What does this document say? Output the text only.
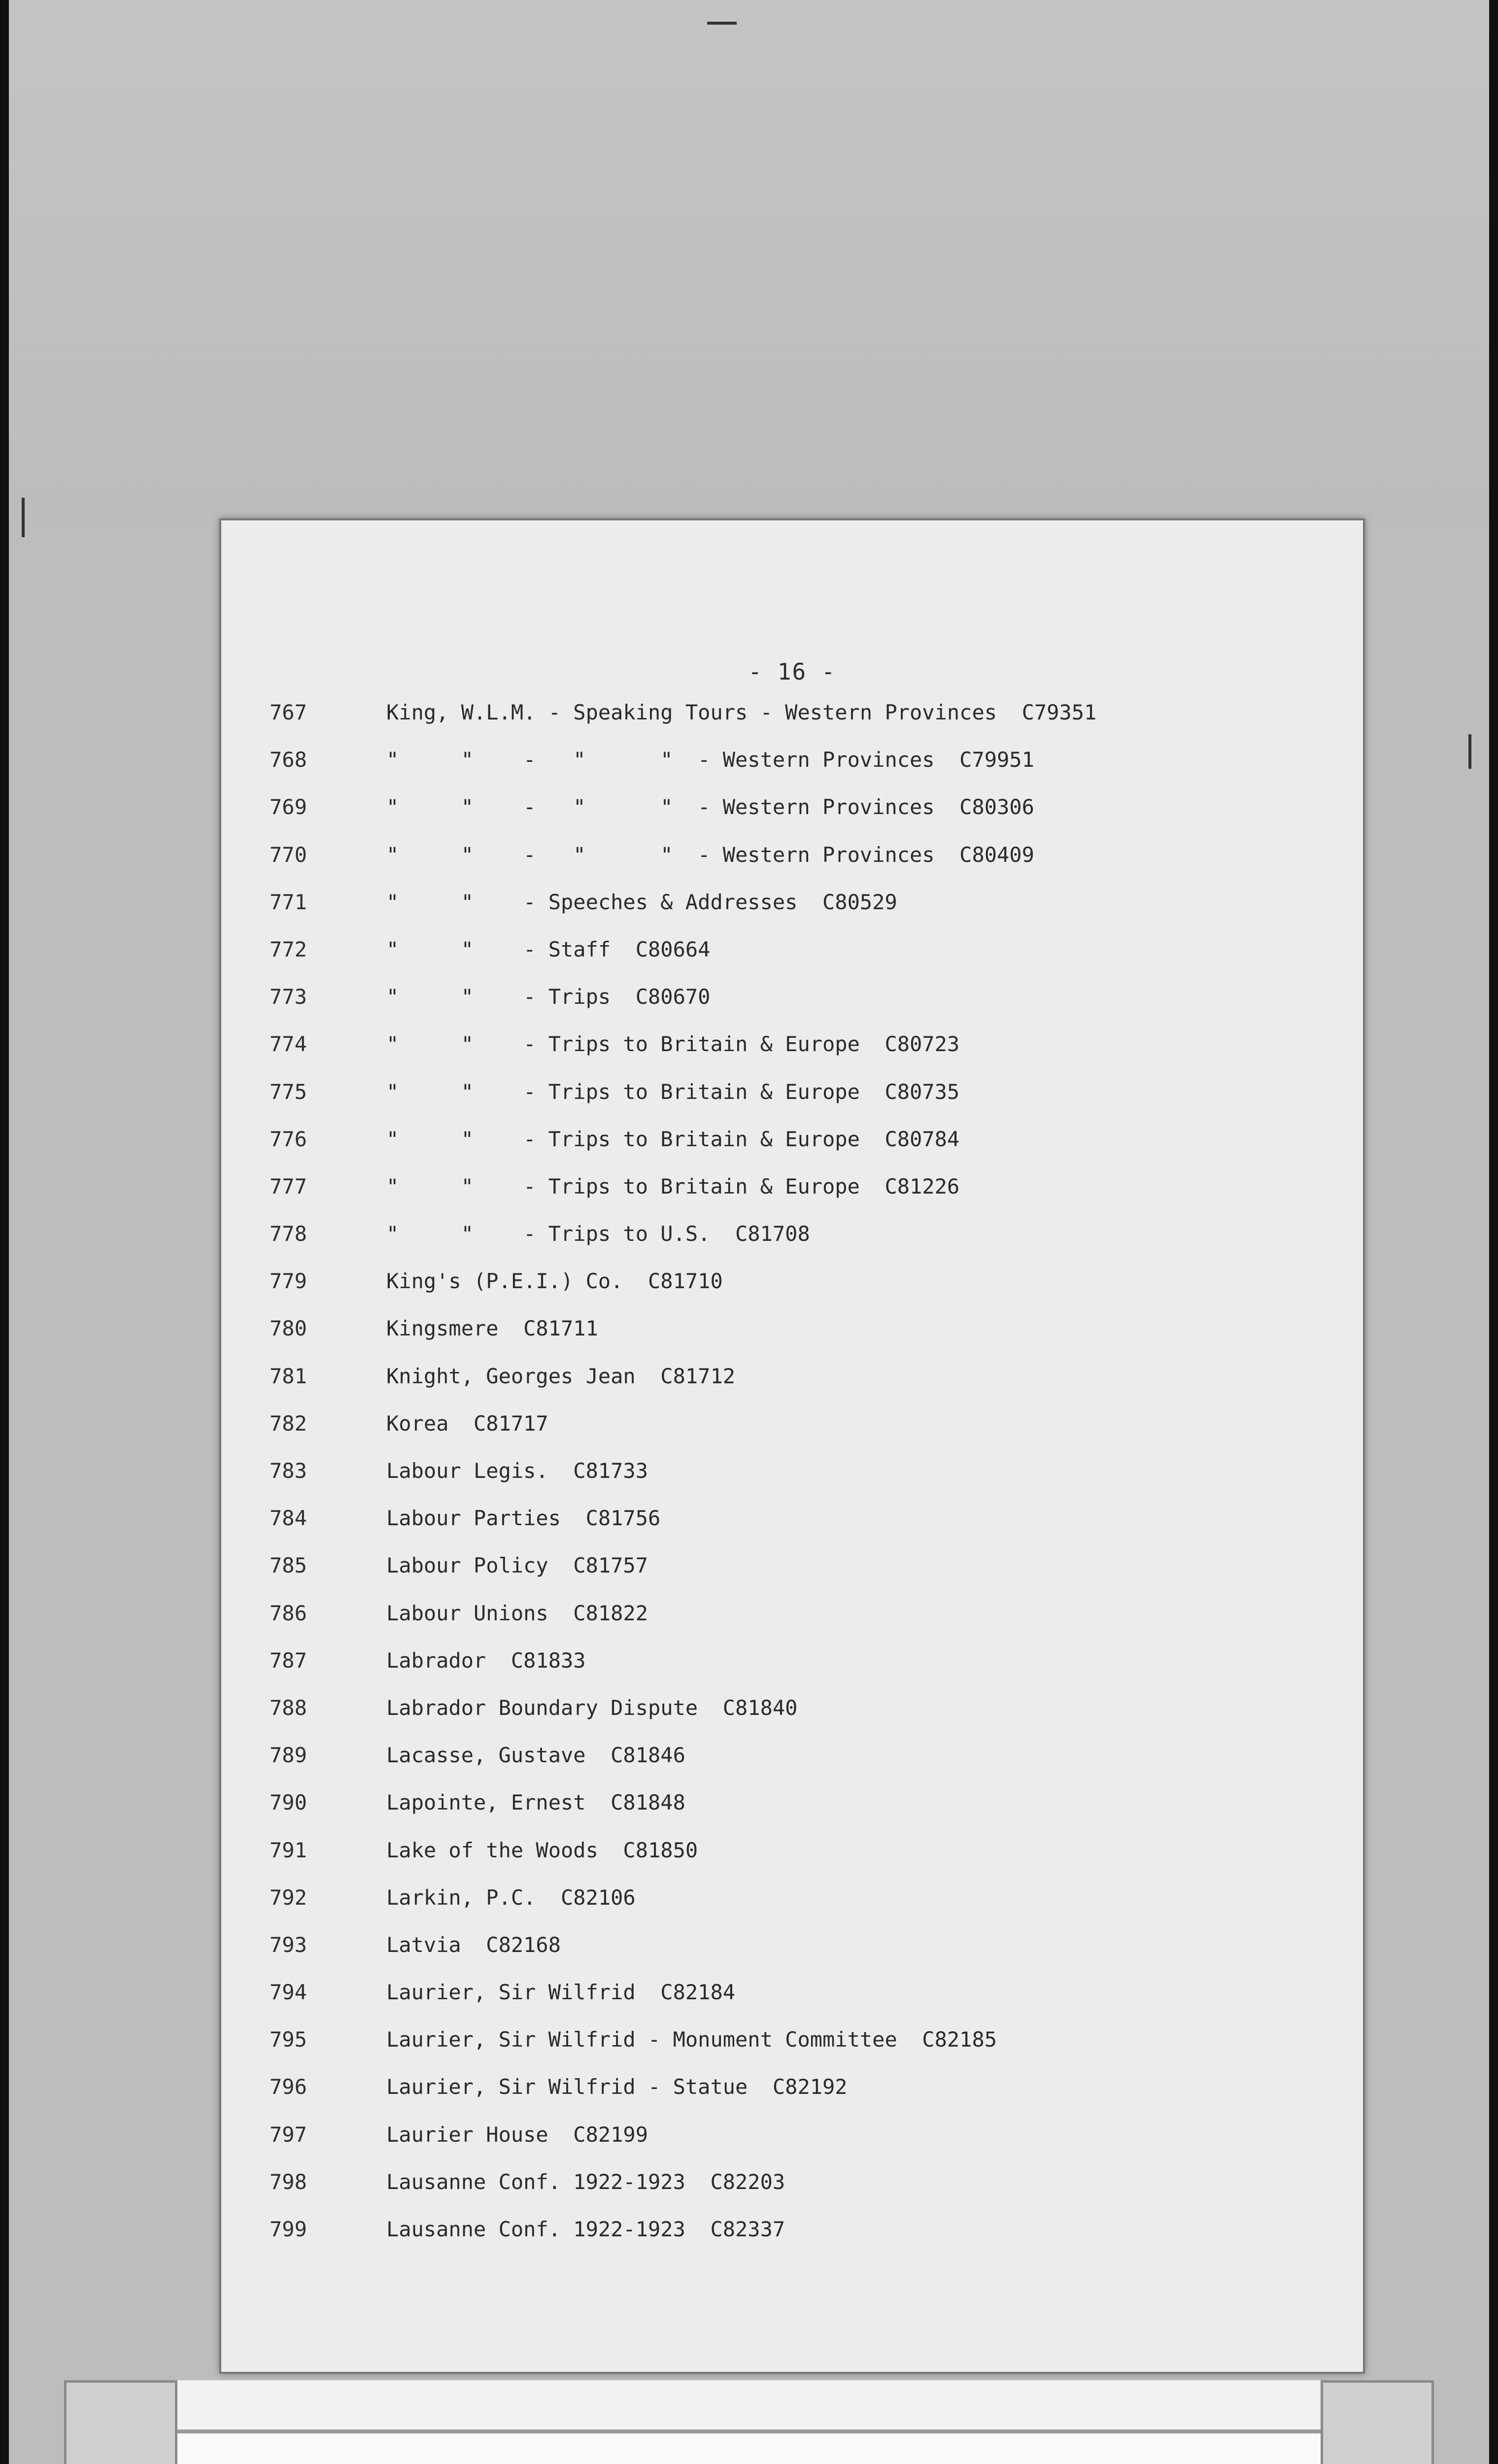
- 16 -
767	King, W.L.M. - Speaking Tours - Western Provinces  C79351
768	"     "    -   "      "  - Western Provinces  C79951
769	"     "    -   "      "  - Western Provinces  C80306
770	"     "    -   "      "  - Western Provinces  C80409
771	"     "    - Speeches & Addresses  C80529
772	"     "    - Staff  C80664
773	"     "    - Trips  C80670
774	"     "    - Trips to Britain & Europe  C80723
775	"     "    - Trips to Britain & Europe  C80735
776	"     "    - Trips to Britain & Europe  C80784
777	"     "    - Trips to Britain & Europe  C81226
778	"     "    - Trips to U.S.  C81708
779	King's (P.E.I.) Co.  C81710
780	Kingsmere  C81711
781	Knight, Georges Jean  C81712
782	Korea  C81717
783	Labour Legis.  C81733
784	Labour Parties  C81756
785	Labour Policy  C81757
786	Labour Unions  C81822
787	Labrador  C81833
788	Labrador Boundary Dispute  C81840
789	Lacasse, Gustave  C81846
790	Lapointe, Ernest  C81848
791	Lake of the Woods  C81850
792	Larkin, P.C.  C82106
793	Latvia  C82168
794	Laurier, Sir Wilfrid  C82184
795	Laurier, Sir Wilfrid - Monument Committee  C82185
796	Laurier, Sir Wilfrid - Statue  C82192
797	Laurier House  C82199
798	Lausanne Conf. 1922-1923  C82203
799	Lausanne Conf. 1922-1923  C82337
